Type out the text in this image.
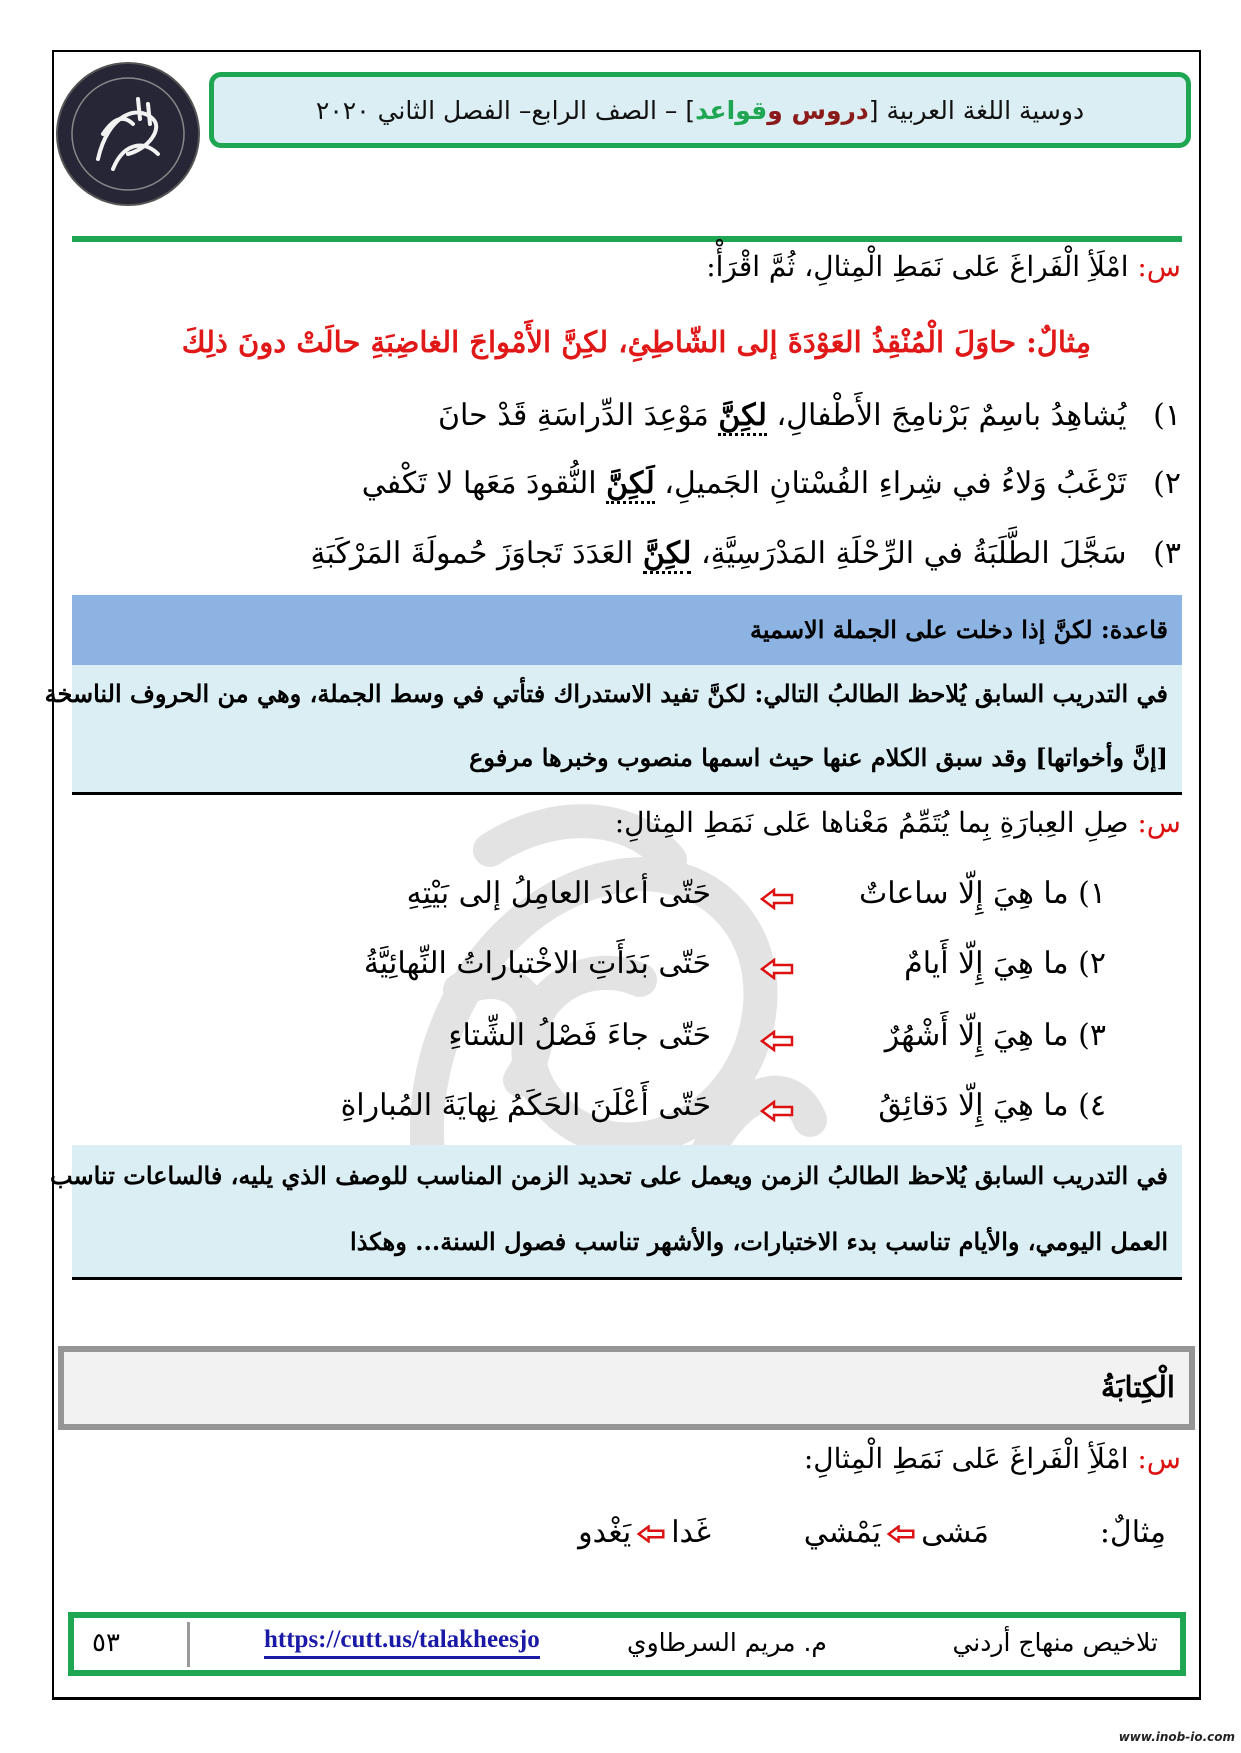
دوسية اللغة العربية [دروس وقواعد] – الصف الرابع– الفصل الثاني ٢٠٢٠
س: امْلَأِ الْفَراغَ عَلى نَمَطِ الْمِثالِ، ثُمَّ اقْرَأْ:
مِثالٌ: حاوَلَ الْمُنْقِذُ العَوْدَةَ إلى الشّاطِئِ، لكِنَّ الأَمْواجَ الغاضِبَةِ حالَتْ دونَ ذلِكَ
١) يُشاهِدُ باسِمٌ بَرْنامِجَ الأَطْفالِ، لكِنَّ مَوْعِدَ الدِّراسَةِ قَدْ حانَ
٢) تَرْغَبُ وَلاءُ في شِراءِ الفُسْتانِ الجَميلِ، لَكِنَّ النُّقودَ مَعَها لا تَكْفي
٣) سَجَّلَ الطَّلَبَةُ في الرِّحْلَةِ المَدْرَسِيَّةِ، لكِنَّ العَدَدَ تَجاوَزَ حُمولَةَ المَرْكَبَةِ
قاعدة: لكنَّ إذا دخلت على الجملة الاسمية
في التدريب السابق يُلاحظ الطالبُ التالي: لكنَّ تفيد الاستدراك فتأتي في وسط الجملة، وهي من الحروف الناسخة
[إنَّ وأخواتها] وقد سبق الكلام عنها حيث اسمها منصوب وخبرها مرفوع
س: صِلِ العِبارَةِ بِما يُتَمِّمُ مَعْناها عَلى نَمَطِ المِثالِ:
١) ما هِيَ إِلّا ساعاتٌ
حَتّى أعادَ العامِلُ إلى بَيْتِهِ
٢) ما هِيَ إِلّا أَيامٌ
حَتّى بَدَأَتِ الاخْتباراتُ النِّهائِيَّةُ
٣) ما هِيَ إِلّا أَشْهُرٌ
حَتّى جاءَ فَصْلُ الشِّتاءِ
٤) ما هِيَ إِلّا دَقائِقُ
حَتّى أَعْلَنَ الحَكَمُ نِهايَةَ المُباراةِ
في التدريب السابق يُلاحظ الطالبُ الزمن ويعمل على تحديد الزمن المناسب للوصف الذي يليه، فالساعات تناسب
العمل اليومي، والأيام تناسب بدء الاختبارات، والأشهر تناسب فصول السنة... وهكذا
الْكِتابَةُ
س: امْلَأِ الْفَراغَ عَلى نَمَطِ الْمِثالِ:
مِثالٌ:
مَشىيَمْشي
غَدايَغْدو
٥٣	https://cutt.us/talakheesjo	م. مريم السرطاوي	تلاخيص منهاج أردني
www.inob-io.com
